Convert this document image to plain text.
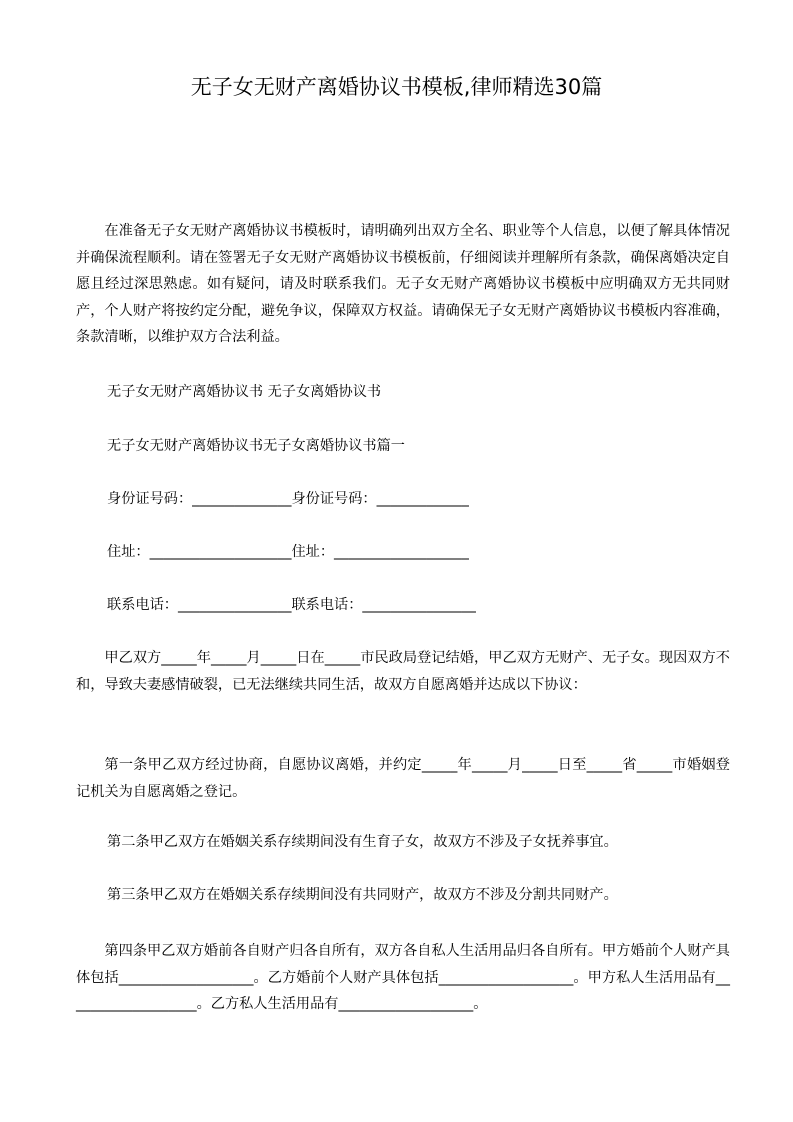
无子女无财产离婚协议书模板,律师精选30篇

在准备无子女无财产离婚协议书模板时，请明确列出双方全名、职业等个人信息，以便了解具体情况并确保流程顺利。请在签署无子女无财产离婚协议书模板前，仔细阅读并理解所有条款，确保离婚决定自愿且经过深思熟虑。如有疑问，请及时联系我们。无子女无财产离婚协议书模板中应明确双方无共同财产，个人财产将按约定分配，避免争议，保障双方权益。请确保无子女无财产离婚协议书模板内容准确，条款清晰，以维护双方合法利益。

无子女无财产离婚协议书 无子女离婚协议书

无子女无财产离婚协议书无子女离婚协议书篇一

身份证号码：______________身份证号码：_____________

住址：____________________住址：___________________

联系电话：________________联系电话：________________

甲乙双方_____年_____月_____日在_____市民政局登记结婚，甲乙双方无财产、无子女。现因双方不和，导致夫妻感情破裂，已无法继续共同生活，故双方自愿离婚并达成以下协议：

第一条甲乙双方经过协商，自愿协议离婚，并约定_____年_____月_____日至_____省_____市婚姻登记机关为自愿离婚之登记。

第二条甲乙双方在婚姻关系存续期间没有生育子女，故双方不涉及子女抚养事宜。

第三条甲乙双方在婚姻关系存续期间没有共同财产，故双方不涉及分割共同财产。

第四条甲乙双方婚前各自财产归各自所有，双方各自私人生活用品归各自所有。甲方婚前个人财产具体包括___________________。乙方婚前个人财产具体包括___________________。甲方私人生活用品有___________________。乙方私人生活用品有___________________。
